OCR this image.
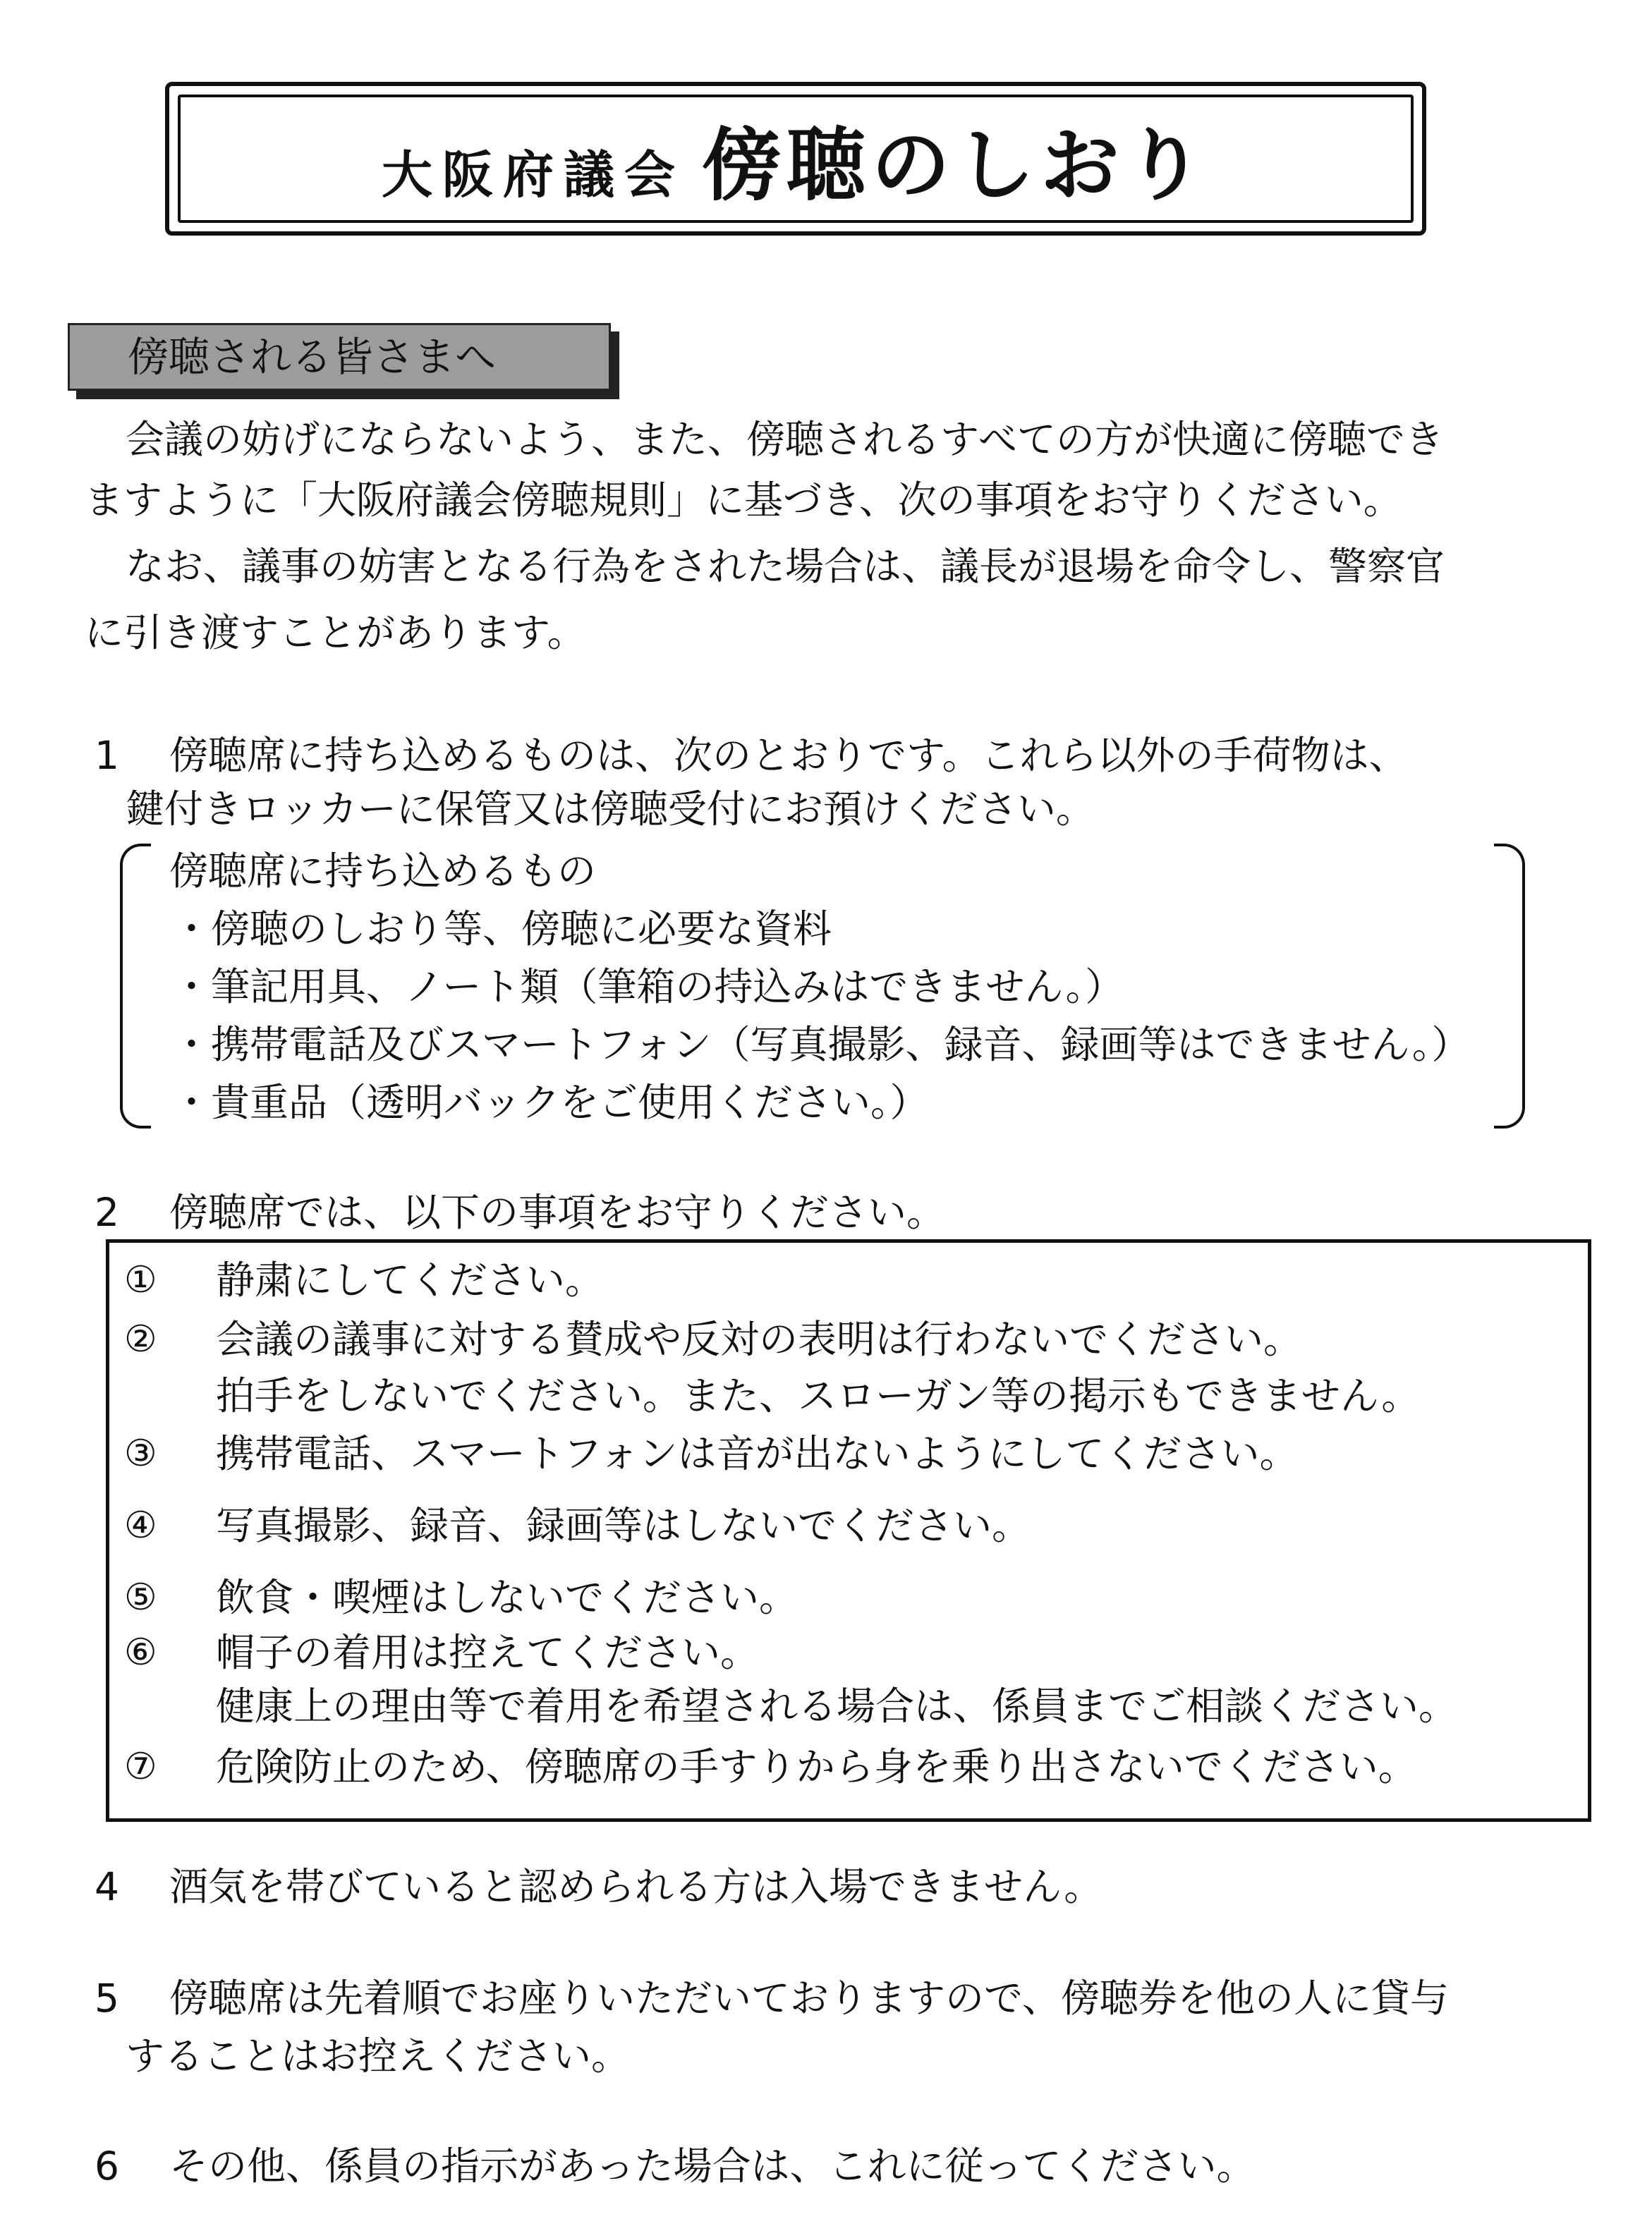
大阪府議会 傍聴のしおり
傍聴される皆さまへ
会議の妨げにならないよう、また、傍聴されるすべての方が快適に傍聴でき
ますように「大阪府議会傍聴規則」に基づき、次の事項をお守りください。
なお、議事の妨害となる行為をされた場合は、議長が退場を命令し、警察官
に引き渡すことがあります。
1 傍聴席に持ち込めるものは、次のとおりです。これら以外の手荷物は、
鍵付きロッカーに保管又は傍聴受付にお預けください。
傍聴席に持ち込めるもの
・傍聴のしおり等、傍聴に必要な資料
・筆記用具、ノート類（筆箱の持込みはできません。）
・携帯電話及びスマートフォン（写真撮影、録音、録画等はできません。）
・貴重品（透明バックをご使用ください。）
2 傍聴席では、以下の事項をお守りください。
① 静粛にしてください。
② 会議の議事に対する賛成や反対の表明は行わないでください。
拍手をしないでください。また、スローガン等の掲示もできません。
③ 携帯電話、スマートフォンは音が出ないようにしてください。
④ 写真撮影、録音、録画等はしないでください。
⑤ 飲食・喫煙はしないでください。
⑥ 帽子の着用は控えてください。
健康上の理由等で着用を希望される場合は、係員までご相談ください。
⑦ 危険防止のため、傍聴席の手すりから身を乗り出さないでください。
4 酒気を帯びていると認められる方は入場できません。
5 傍聴席は先着順でお座りいただいておりますので、傍聴券を他の人に貸与
することはお控えください。
6 その他、係員の指示があった場合は、これに従ってください。
